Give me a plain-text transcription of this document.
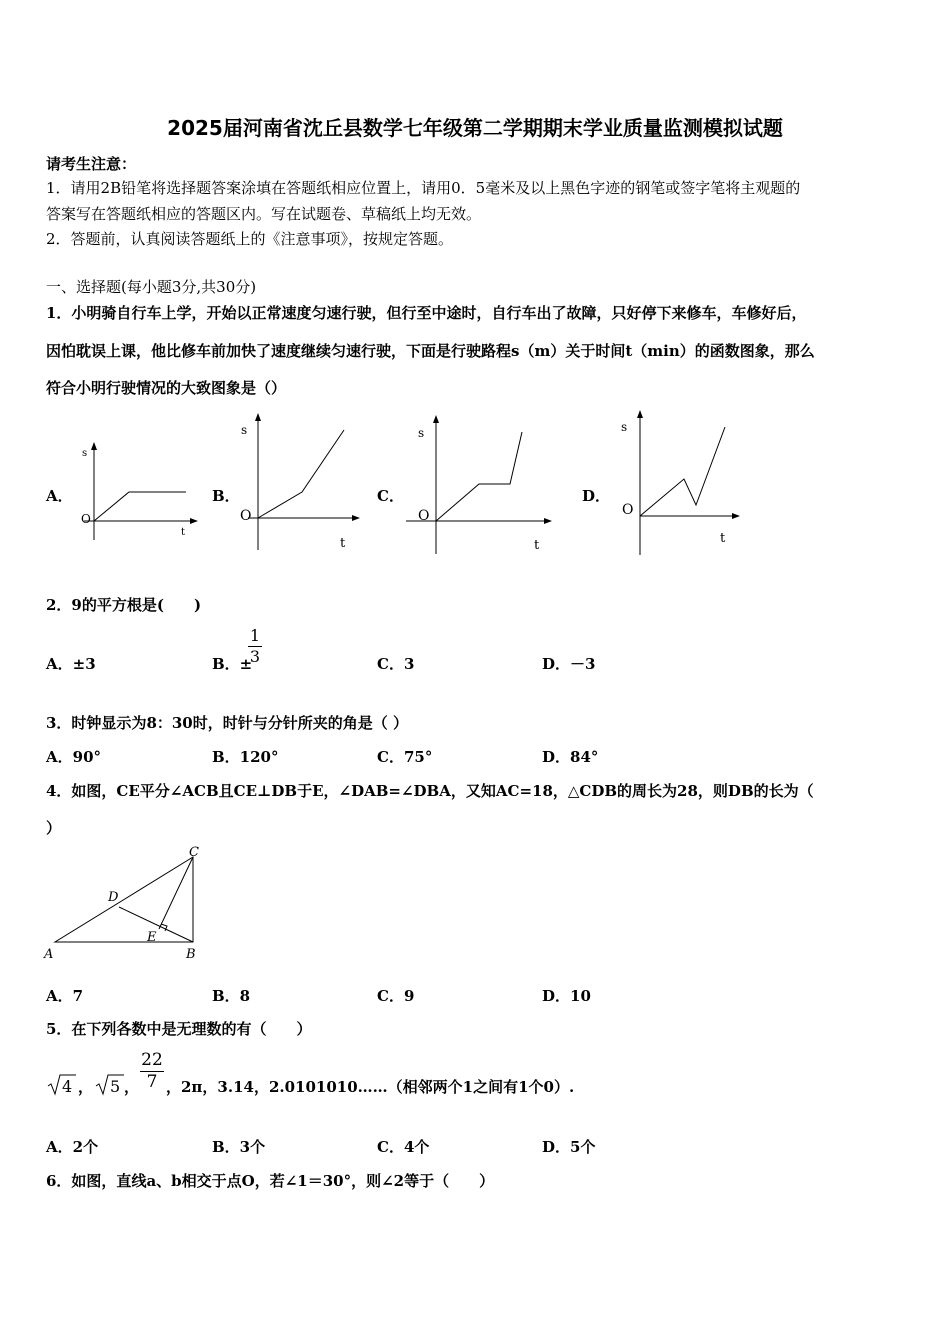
2025届河南省沈丘县数学七年级第二学期期末学业质量监测模拟试题
请考生注意：
1．请用2B铅笔将选择题答案涂填在答题纸相应位置上，请用0．5毫米及以上黑色字迹的钢笔或签字笔将主观题的
答案写在答题纸相应的答题区内。写在试题卷、草稿纸上均无效。
2．答题前，认真阅读答题纸上的《注意事项》，按规定答题。
一、选择题(每小题3分,共30分)
1．小明骑自行车上学，开始以正常速度匀速行驶，但行至中途时，自行车出了故障，只好停下来修车，车修好后，
因怕耽误上课，他比修车前加快了速度继续匀速行驶，下面是行驶路程s（m）关于时间t（min）的函数图象，那么
符合小明行驶情况的大致图象是（）
A．	B．	C．	D．
s
O
t
s
O
t
s
O
t
s
O
t
2．9的平方根是(　　)
A．±3	B．±
1
3	C．3	D．－3
3．时钟显示为8：30时，时针与分针所夹的角是（ ）
A．90°	B．120°	C．75°	D．84°
4．如图，CE平分∠ACB且CE⊥DB于E，∠DAB=∠DBA，又知AC=18，△CDB的周长为28，则DB的长为（
）
A	B
C
D
E
A．7	B．8	C．9	D．10
5．在下列各数中是无理数的有（　　）
4 ， 5 ，
22
7 ，2π，3.14，2.0101010……（相邻两个1之间有1个0）.
A．2个	B．3个	C．4个	D．5个
6．如图，直线a、b相交于点O，若∠1＝30°，则∠2等于（　　）
